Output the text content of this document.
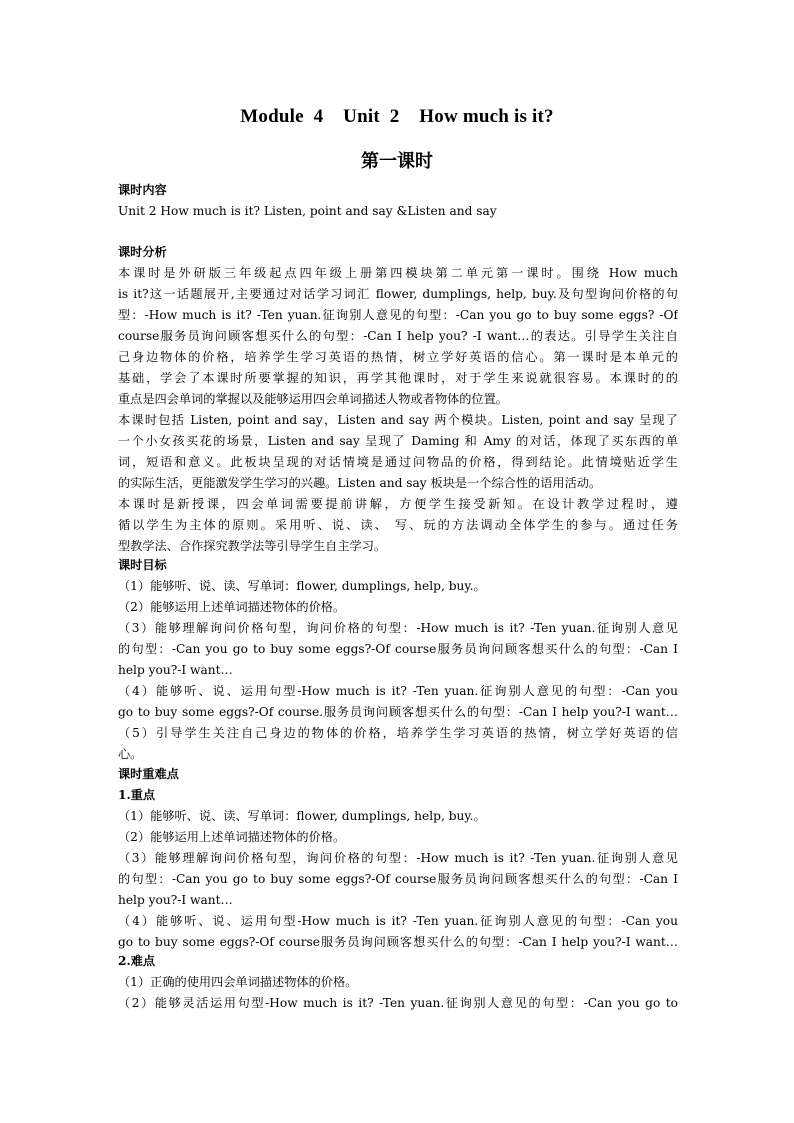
Module  4    Unit  2    How much is it?
第一课时
课时内容
Unit 2 How much is it? Listen, point and say &Listen and say
课时分析
本课时是外研版三年级起点四年级上册第四模块第二单元第一课时。围绕 How much
is it?这一话题展开,主要通过对话学习词汇 flower, dumplings, help, buy.及句型询问价格的句
型：-How much is it? -Ten yuan.征询别人意见的句型：-Can you go to buy some eggs? -Of
course服务员询问顾客想买什么的句型：-Can I help you? -I want…的表达。引导学生关注自
己身边物体的价格，培养学生学习英语的热情，树立学好英语的信心。第一课时是本单元的
基础，学会了本课时所要掌握的知识，再学其他课时，对于学生来说就很容易。本课时的的
重点是四会单词的掌握以及能够运用四会单词描述人物或者物体的位置。
本课时包括 Listen, point and say，Listen and say 两个模块。Listen, point and say 呈现了
一个小女孩买花的场景，Listen and say 呈现了 Daming 和 Amy 的对话，体现了买东西的单
词，短语和意义。此板块呈现的对话情境是通过问物品的价格，得到结论。此情境贴近学生
的实际生活，更能激发学生学习的兴趣。Listen and say 板块是一个综合性的语用活动。
本课时是新授课，四会单词需要提前讲解，方便学生接受新知。在设计教学过程时，遵
循以学生为主体的原则。采用听、说、读、 写、玩的方法调动全体学生的参与。通过任务
型教学法、合作探究教学法等引导学生自主学习。
课时目标
（1）能够听、说、读、写单词：flower, dumplings, help, buy.。
（2）能够运用上述单词描述物体的价格。
（3）能够理解询问价格句型，询问价格的句型：-How much is it? -Ten yuan.征询别人意见
的句型：-Can you go to buy some eggs?-Of course服务员询问顾客想买什么的句型：-Can I
help you?-I want…
（4）能够听、说、运用句型-How much is it? -Ten yuan.征询别人意见的句型：-Can you
go to buy some eggs?-Of course.服务员询问顾客想买什么的句型：-Can I help you?-I want…
（5）引导学生关注自己身边的物体的价格，培养学生学习英语的热情，树立学好英语的信
心。
课时重难点
1.重点
（1）能够听、说、读、写单词：flower, dumplings, help, buy.。
（2）能够运用上述单词描述物体的价格。
（3）能够理解询问价格句型，询问价格的句型：-How much is it? -Ten yuan.征询别人意见
的句型：-Can you go to buy some eggs?-Of course服务员询问顾客想买什么的句型：-Can I
help you?-I want…
（4）能够听、说、运用句型-How much is it? -Ten yuan.征询别人意见的句型：-Can you
go to buy some eggs?-Of course服务员询问顾客想买什么的句型：-Can I help you?-I want…
2.难点
（1）正确的使用四会单词描述物体的价格。
（2）能够灵活运用句型-How much is it? -Ten yuan.征询别人意见的句型：-Can you go to
